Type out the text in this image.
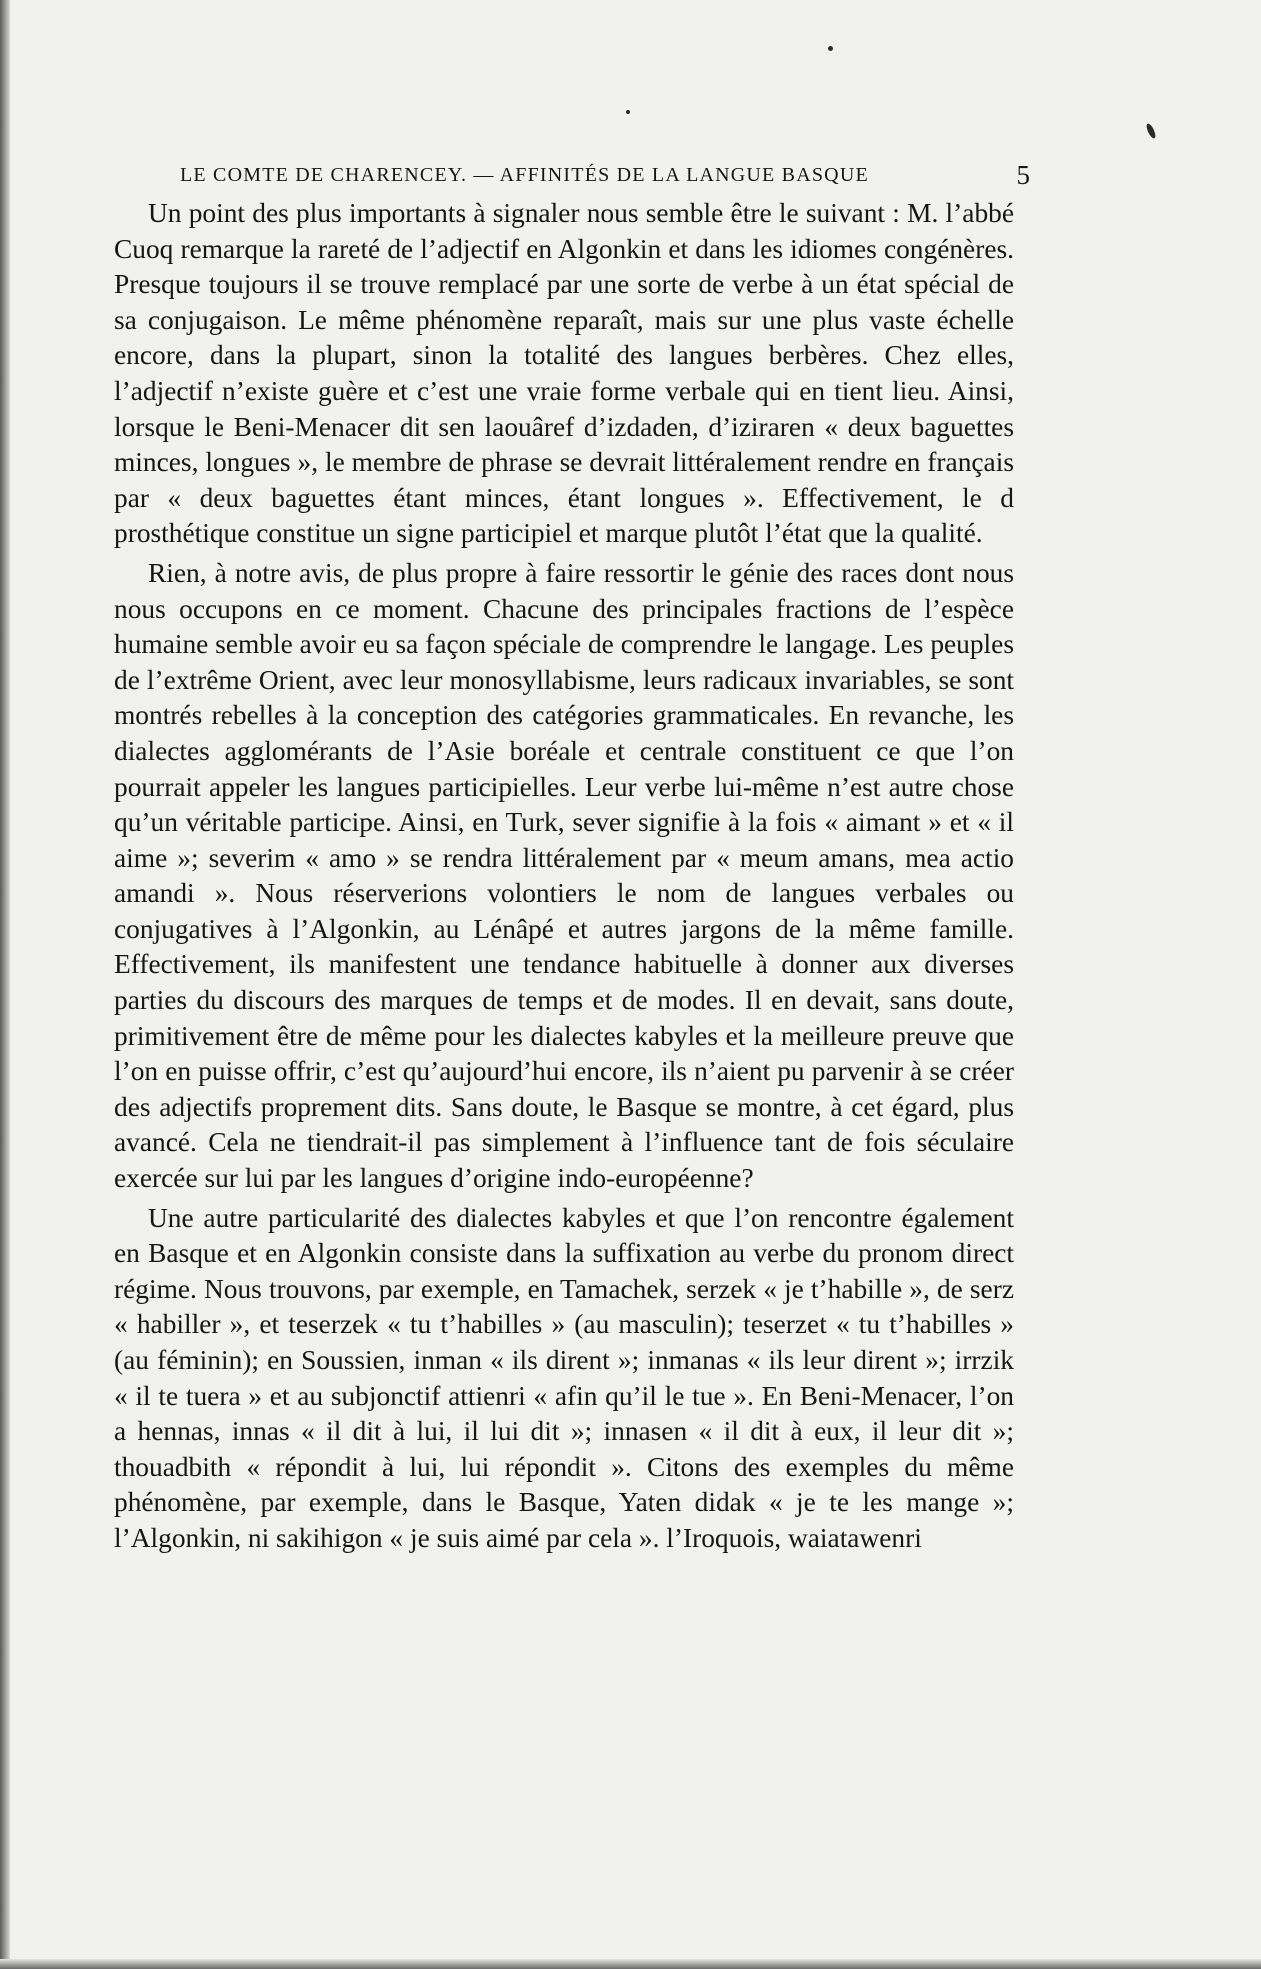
LE COMTE DE CHARENCEY. — AFFINITÉS DE LA LANGUE BASQUE	5

Un point des plus importants à signaler nous semble être le suivant : M. l’abbé Cuoq remarque la rareté de l’adjectif en Algonkin et dans les idiomes congénères. Presque toujours il se trouve remplacé par une sorte de verbe à un état spécial de sa conjugaison. Le même phénomène reparaît, mais sur une plus vaste échelle encore, dans la plupart, sinon la totalité des langues berbères. Chez elles, l’adjectif n’existe guère et c’est une vraie forme verbale qui en tient lieu. Ainsi, lorsque le Beni-Menacer dit sen laouâref d’izdaden, d’iziraren « deux baguettes minces, longues », le membre de phrase se devrait littéralement rendre en français par « deux baguettes étant minces, étant longues ». Effectivement, le d prosthétique constitue un signe participiel et marque plutôt l’état que la qualité.

Rien, à notre avis, de plus propre à faire ressortir le génie des races dont nous nous occupons en ce moment. Chacune des principales fractions de l’espèce humaine semble avoir eu sa façon spéciale de comprendre le langage. Les peuples de l’extrême Orient, avec leur monosyllabisme, leurs radicaux invariables, se sont montrés rebelles à la conception des catégories grammaticales. En revanche, les dialectes agglomérants de l’Asie boréale et centrale constituent ce que l’on pourrait appeler les langues participielles. Leur verbe lui-même n’est autre chose qu’un véritable participe. Ainsi, en Turk, sever signifie à la fois « aimant » et « il aime »; severim « amo » se rendra littéralement par « meum amans, mea actio amandi ». Nous réserverions volontiers le nom de langues verbales ou conjugatives à l’Algonkin, au Lénâpé et autres jargons de la même famille. Effectivement, ils manifestent une tendance habituelle à donner aux diverses parties du discours des marques de temps et de modes. Il en devait, sans doute, primitivement être de même pour les dialectes kabyles et la meilleure preuve que l’on en puisse offrir, c’est qu’aujourd’hui encore, ils n’aient pu parvenir à se créer des adjectifs proprement dits. Sans doute, le Basque se montre, à cet égard, plus avancé. Cela ne tiendrait-il pas simplement à l’influence tant de fois séculaire exercée sur lui par les langues d’origine indo-européenne?

Une autre particularité des dialectes kabyles et que l’on rencontre également en Basque et en Algonkin consiste dans la suffixation au verbe du pronom direct régime. Nous trouvons, par exemple, en Tamachek, serzek « je t’habille », de serz « habiller », et teserzek « tu t’habilles » (au masculin); teserzet « tu t’habilles » (au féminin); en Soussien, inman « ils dirent »; inmanas « ils leur dirent »; irrzik « il te tuera » et au subjonctif attienri « afin qu’il le tue ». En Beni-Menacer, l’on a hennas, innas « il dit à lui, il lui dit »; innasen « il dit à eux, il leur dit »; thouadbith « répondit à lui, lui répondit ». Citons des exemples du même phénomène, par exemple, dans le Basque, Yaten didak « je te les mange »; l’Algonkin, ni sakihigon « je suis aimé par cela ». l’Iroquois, waiatawenri
